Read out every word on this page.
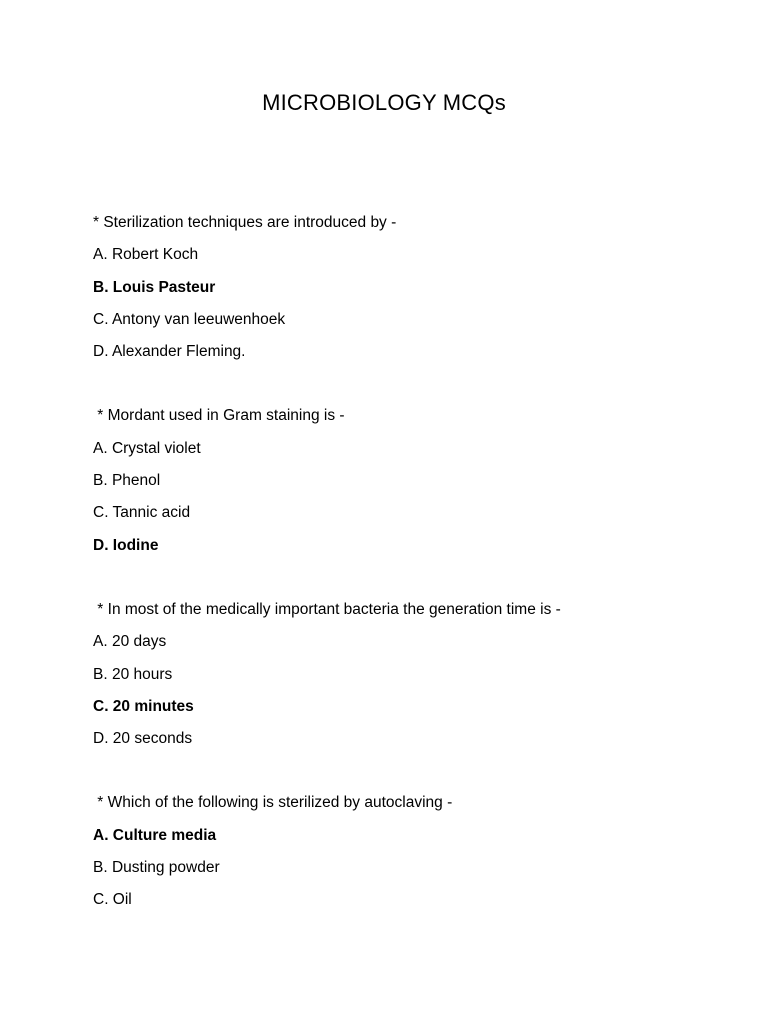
MICROBIOLOGY MCQs
* Sterilization techniques are introduced by -
A. Robert Koch
B. Louis Pasteur
C. Antony van leeuwenhoek
D. Alexander Fleming.
* Mordant used in Gram staining is -
A. Crystal violet
B. Phenol
C. Tannic acid
D. Iodine
* In most of the medically important bacteria the generation time is -
A. 20 days
B. 20 hours
C. 20 minutes
D. 20 seconds
* Which of the following is sterilized by autoclaving -
A. Culture media
B. Dusting powder
C. Oil
